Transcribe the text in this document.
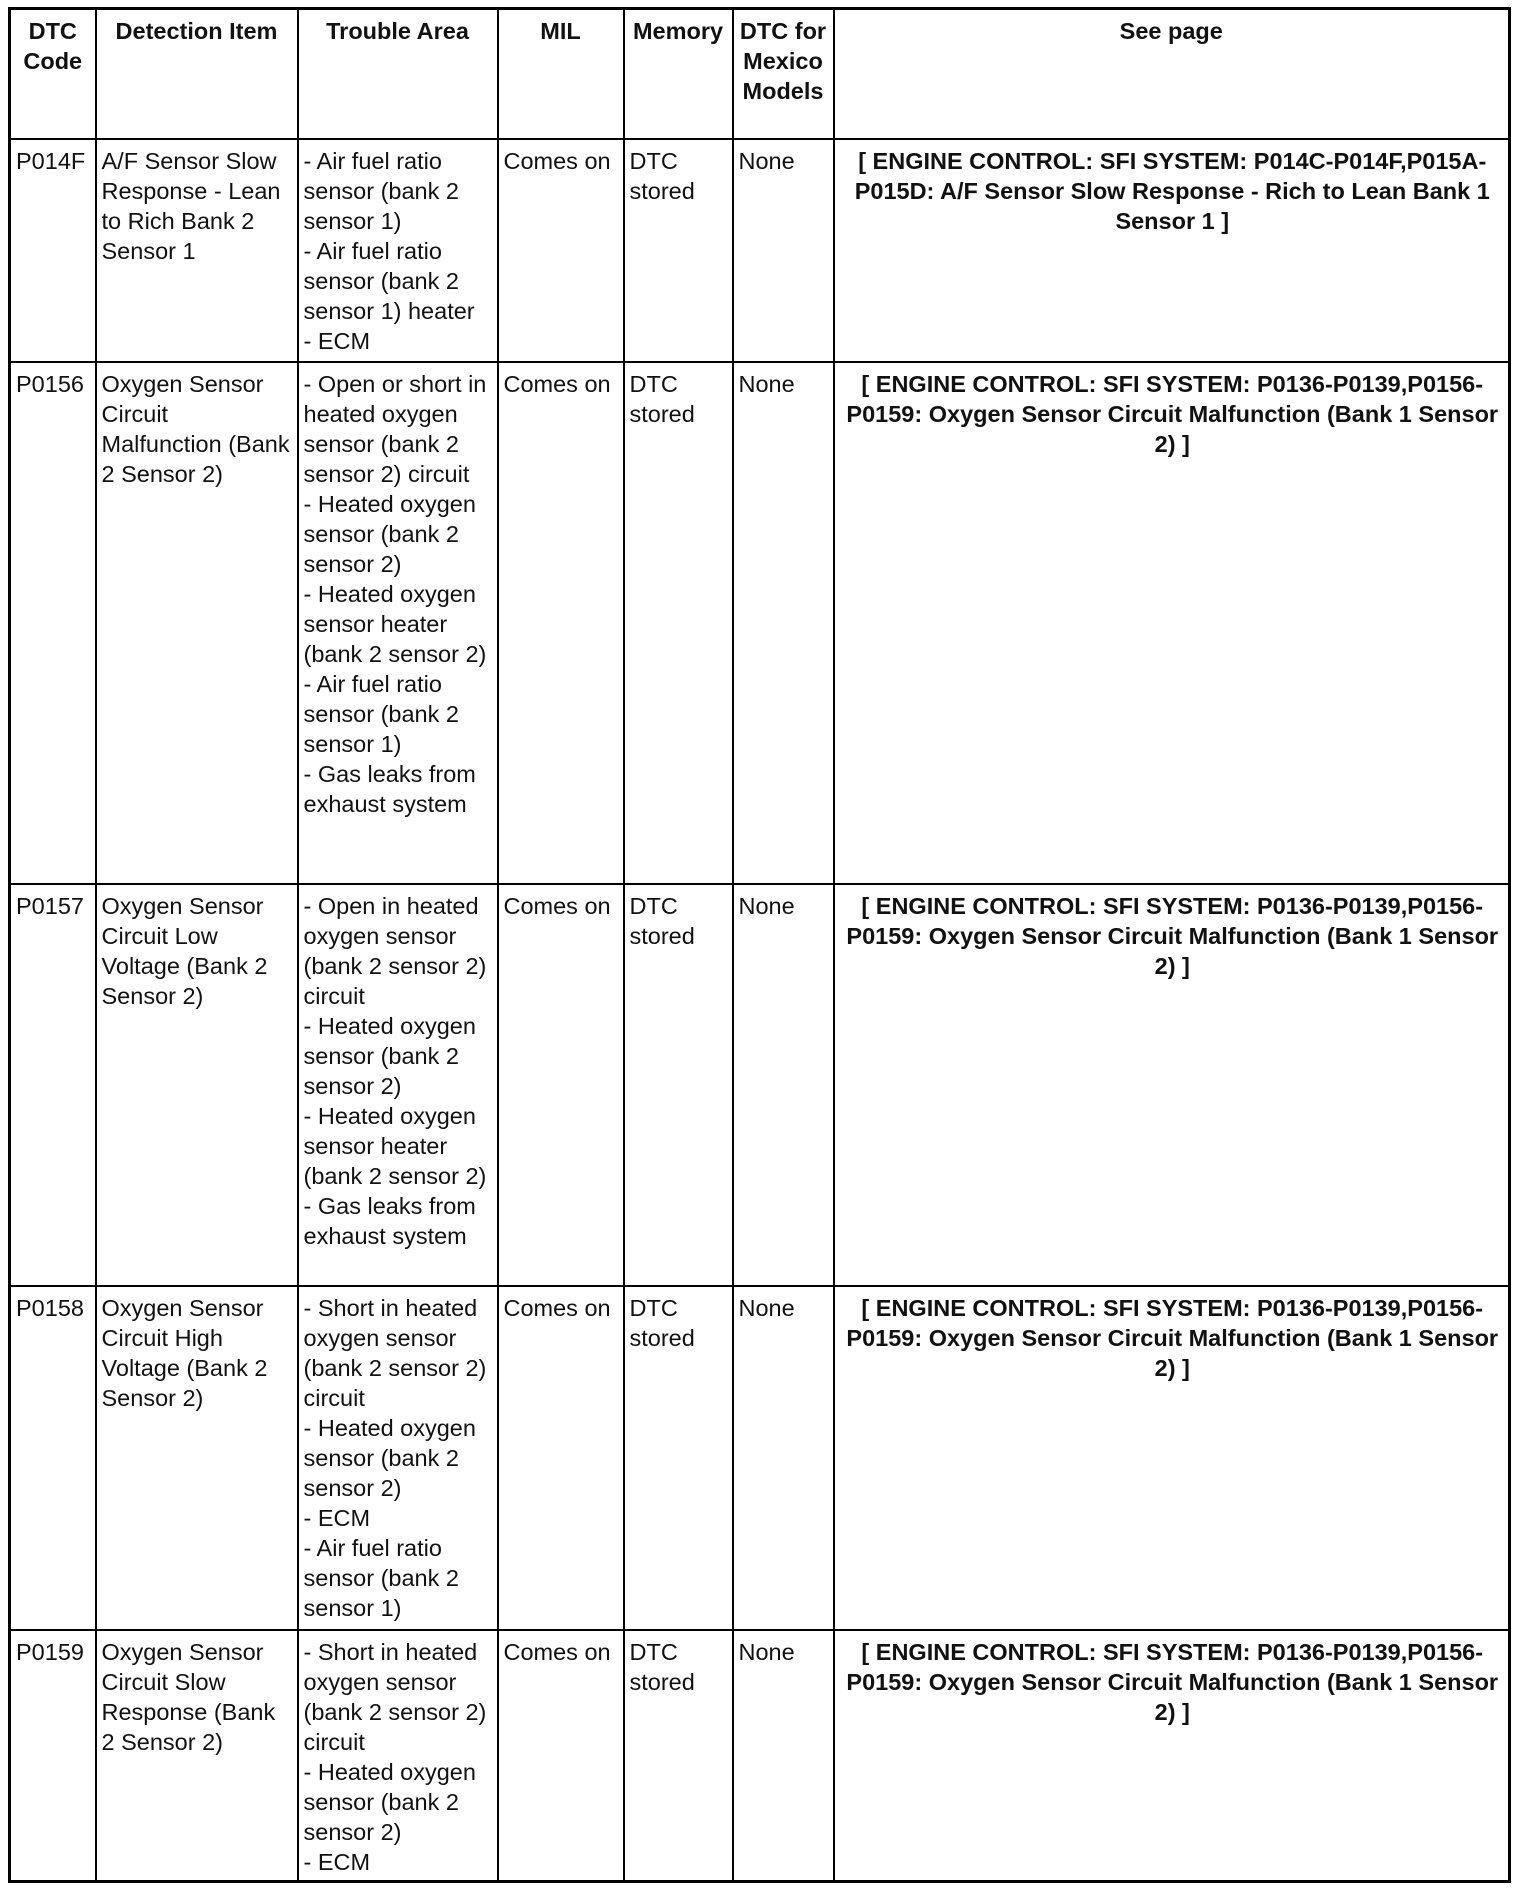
DTC Code	Detection Item	Trouble Area	MIL	Memory	DTC for Mexico Models	See page
P014F	A/F Sensor Slow Response - Lean to Rich Bank 2 Sensor 1	- Air fuel ratio sensor (bank 2 sensor 1)
- Air fuel ratio sensor (bank 2 sensor 1) heater
- ECM	Comes on	DTC stored	None	[ ENGINE CONTROL: SFI SYSTEM: P014C-P014F,P015A-P015D: A/F Sensor Slow Response - Rich to Lean Bank 1 Sensor 1 ]
P0156	Oxygen Sensor Circuit Malfunction (Bank 2 Sensor 2)	- Open or short in heated oxygen sensor (bank 2 sensor 2) circuit
- Heated oxygen sensor (bank 2 sensor 2)
- Heated oxygen sensor heater (bank 2 sensor 2)
- Air fuel ratio sensor (bank 2 sensor 1)
- Gas leaks from exhaust system	Comes on	DTC stored	None	[ ENGINE CONTROL: SFI SYSTEM: P0136-P0139,P0156-P0159: Oxygen Sensor Circuit Malfunction (Bank 1 Sensor 2) ]
P0157	Oxygen Sensor Circuit Low Voltage (Bank 2 Sensor 2)	- Open in heated oxygen sensor (bank 2 sensor 2) circuit
- Heated oxygen sensor (bank 2 sensor 2)
- Heated oxygen sensor heater (bank 2 sensor 2)
- Gas leaks from exhaust system	Comes on	DTC stored	None	[ ENGINE CONTROL: SFI SYSTEM: P0136-P0139,P0156-P0159: Oxygen Sensor Circuit Malfunction (Bank 1 Sensor 2) ]
P0158	Oxygen Sensor Circuit High Voltage (Bank 2 Sensor 2)	- Short in heated oxygen sensor (bank 2 sensor 2) circuit
- Heated oxygen sensor (bank 2 sensor 2)
- ECM
- Air fuel ratio sensor (bank 2 sensor 1)	Comes on	DTC stored	None	[ ENGINE CONTROL: SFI SYSTEM: P0136-P0139,P0156-P0159: Oxygen Sensor Circuit Malfunction (Bank 1 Sensor 2) ]
P0159	Oxygen Sensor Circuit Slow Response (Bank 2 Sensor 2)	- Short in heated oxygen sensor (bank 2 sensor 2) circuit
- Heated oxygen sensor (bank 2 sensor 2)
- ECM	Comes on	DTC stored	None	[ ENGINE CONTROL: SFI SYSTEM: P0136-P0139,P0156-P0159: Oxygen Sensor Circuit Malfunction (Bank 1 Sensor 2) ]
